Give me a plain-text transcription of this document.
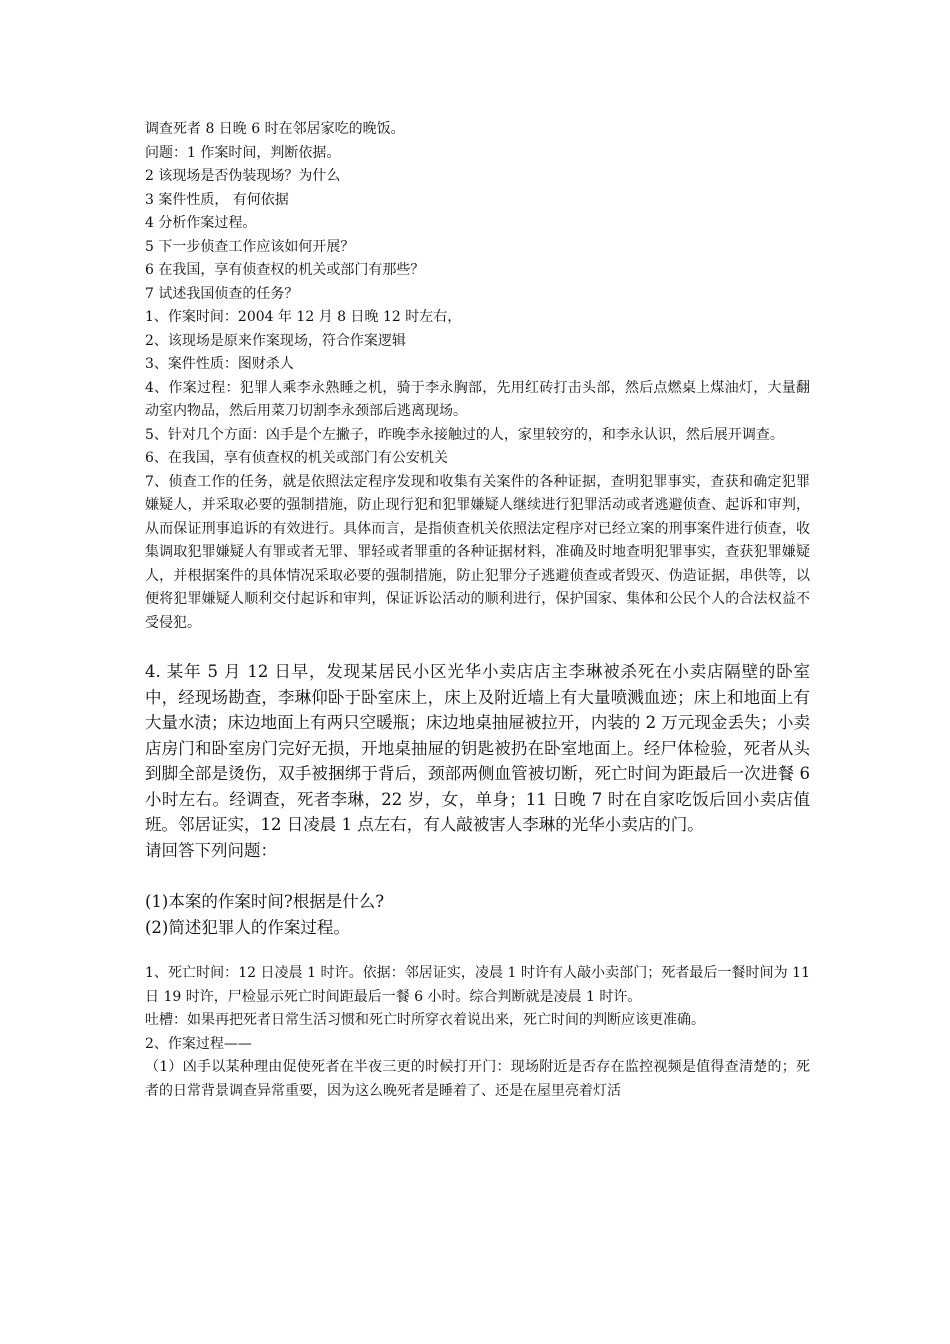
调查死者 8 日晚 6 时在邻居家吃的晚饭。

问题：1 作案时间，判断依据。

2 该现场是否伪装现场？为什么

3 案件性质， 有何依据

4 分析作案过程。

5 下一步侦查工作应该如何开展？

6 在我国，享有侦查权的机关或部门有那些？

7 试述我国侦查的任务？

1、作案时间：2004 年 12 月 8 日晚 12 时左右，

2、该现场是原来作案现场，符合作案逻辑

3、案件性质：图财杀人

4、作案过程：犯罪人乘李永熟睡之机，骑于李永胸部，先用红砖打击头部，然后点燃桌上煤油灯，大量翻 动室内物品，然后用菜刀切割李永颈部后逃离现场。

5、针对几个方面：凶手是个左撇子，昨晚李永接触过的人，家里较穷的，和李永认识，然后展开调查。

6、在我国，享有侦查权的机关或部门有公安机关

7、侦查工作的任务，就是依照法定程序发现和收集有关案件的各种证据，查明犯罪事实，查获和确定犯罪嫌疑人，并采取必要的强制措施，防止现行犯和犯罪嫌疑人继续进行犯罪活动或者逃避侦查、起诉和审判，从而保证刑事追诉的有效进行。具体而言，是指侦查机关依照法定程序对已经立案的刑事案件进行侦查，收集调取犯罪嫌疑人有罪或者无罪、罪轻或者罪重的各种证据材料，准确及时地查明犯罪事实，查获犯罪嫌疑人，并根据案件的具体情况采取必要的强制措施，防止犯罪分子逃避侦查或者毁灭、伪造证据，串供等，以便将犯罪嫌疑人顺利交付起诉和审判，保证诉讼活动的顺利进行，保护国家、集体和公民个人的合法权益不受侵犯。

4. 某年 5 月 12 日早，发现某居民小区光华小卖店店主李琳被杀死在小卖店隔壁的卧室中，经现场勘查，李琳仰卧于卧室床上，床上及附近墙上有大量喷溅血迹；床上和地面上有大量水渍；床边地面上有两只空暖瓶；床边地桌抽屉被拉开，内装的 2 万元现金丢失；小卖店房门和卧室房门完好无损，开地桌抽屉的钥匙被扔在卧室地面上。经尸体检验，死者从头到脚全部是烫伤，双手被捆绑于背后，颈部两侧血管被切断，死亡时间为距最后一次进餐 6 小时左右。经调查，死者李琳，22 岁，女，单身；11 日晚 7 时在自家吃饭后回小卖店值班。邻居证实，12 日凌晨 1 点左右，有人敲被害人李琳的光华小卖店的门。

请回答下列问题：

(1)本案的作案时间?根据是什么?

(2)简述犯罪人的作案过程。

1、死亡时间：12 日凌晨 1 时许。依据：邻居证实，凌晨 1 时许有人敲小卖部门；死者最后一餐时间为 11 日 19 时许，尸检显示死亡时间距最后一餐 6 小时。综合判断就是凌晨 1 时许。

吐槽：如果再把死者日常生活习惯和死亡时所穿衣着说出来，死亡时间的判断应该更准确。

2、作案过程——

（1）凶手以某种理由促使死者在半夜三更的时候打开门：现场附近是否存在监控视频是值得查清楚的；死者的日常背景调查异常重要，因为这么晚死者是睡着了、还是在屋里亮着灯活
